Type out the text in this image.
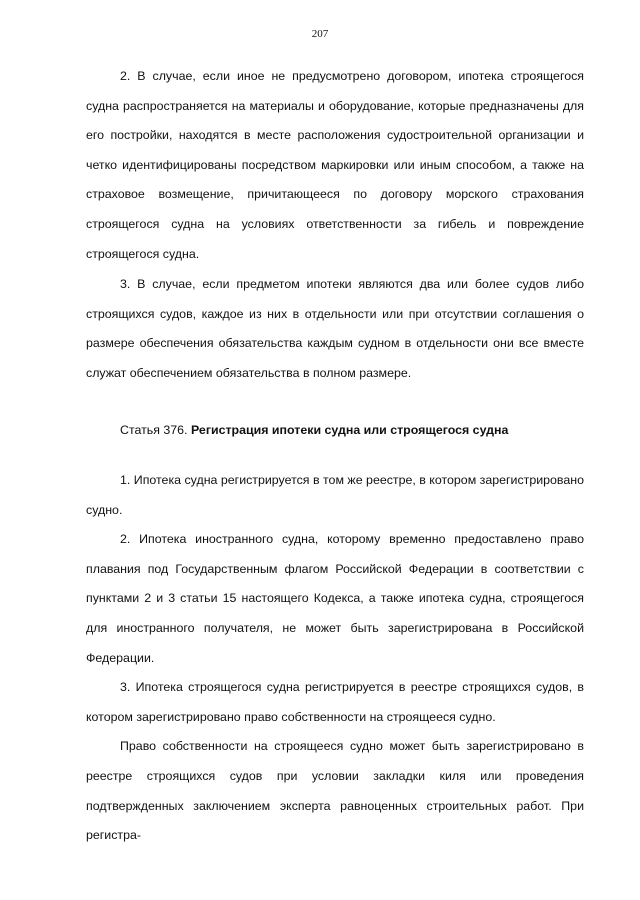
207

2. В случае, если иное не предусмотрено договором, ипотека строящегося судна распространяется на материалы и оборудование, которые предназначены для его постройки, находятся в месте расположения судостроительной организации и четко идентифицированы посредством маркировки или иным способом, а также на страховое возмещение, причитающееся по договору морского страхования строящегося судна на условиях ответственности за гибель и повреждение строящегося судна.

3. В случае, если предметом ипотеки являются два или более судов либо строящихся судов, каждое из них в отдельности или при отсутствии соглашения о размере обеспечения обязательства каждым судном в отдельности они все вместе служат обеспечением обязательства в полном размере.

Статья 376. Регистрация ипотеки судна или строящегося судна

1. Ипотека судна регистрируется в том же реестре, в котором зарегистрировано судно.

2. Ипотека иностранного судна, которому временно предоставлено право плавания под Государственным флагом Российской Федерации в соответствии с пунктами 2 и 3 статьи 15 настоящего Кодекса, а также ипотека судна, строящегося для иностранного получателя, не может быть зарегистрирована в Российской Федерации.

3. Ипотека строящегося судна регистрируется в реестре строящихся судов, в котором зарегистрировано право собственности на строящееся судно.

Право собственности на строящееся судно может быть зарегистрировано в реестре строящихся судов при условии закладки киля или проведения подтвержденных заключением эксперта равноценных строительных работ. При регистра-
